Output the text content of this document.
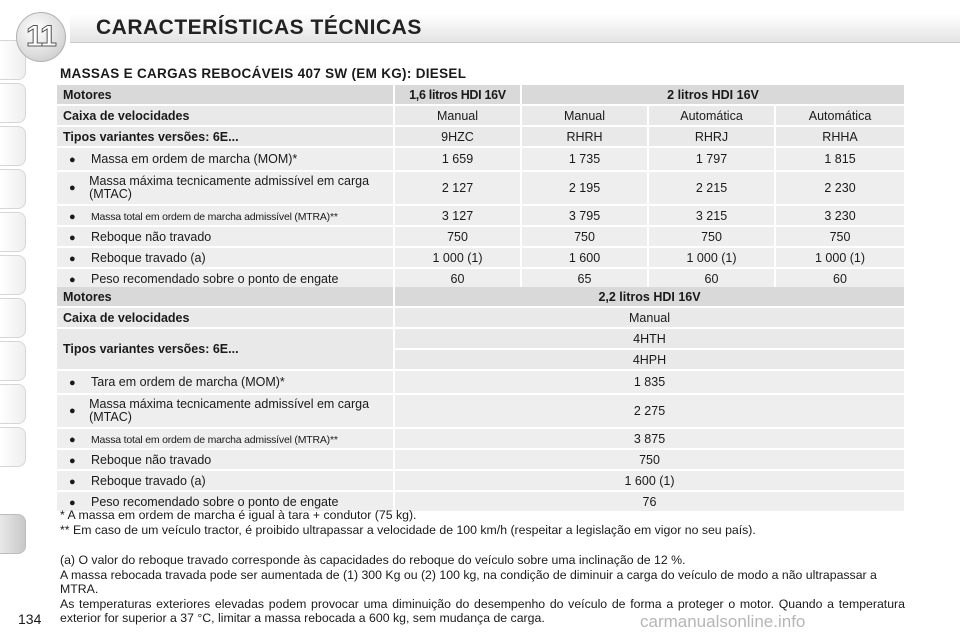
11	CARACTERÍSTICAS TÉCNICAS
MASSAS E CARGAS REBOCÁVEIS 407 SW (EM KG): DIESEL
Motores	1,6 litros HDI 16V	2 litros HDI 16V		
Caixa de velocidades	Manual	Manual	Automática	Automática
Tipos variantes versões: 6E...	9HZC	RHRH	RHRJ	RHHA
● Massa em ordem de marcha (MOM)*	1 659	1 735	1 797	1 815

● Massa máxima tecnicamente admissível em carga (MTAC)	2 127	2 195	2 215	2 230
● Massa total em ordem de marcha admissível (MTRA)**	3 127	3 795	3 215	3 230
● Reboque não travado	750	750	750	750
● Reboque travado (a)	1 000 (1)	1 600	1 000 (1)	1 000 (1)
● Peso recomendado sobre o ponto de engate	60	65	60	60
Motores	2,2 litros HDI 16V
Caixa de velocidades	Manual
Tipos variantes versões: 6E...	4HTH
	4HPH
● Tara em ordem de marcha (MOM)*	1 835

● Massa máxima tecnicamente admissível em carga (MTAC)	2 275
● Massa total em ordem de marcha admissível (MTRA)**	3 875
● Reboque não travado	750
● Reboque travado (a)	1 600 (1)
● Peso recomendado sobre o ponto de engate	76
* A massa em ordem de marcha é igual à tara + condutor (75 kg).
** Em caso de um veículo tractor, é proibido ultrapassar a velocidade de 100 km/h (respeitar a legislação em vigor no seu país).
(a) O valor do reboque travado corresponde às capacidades do reboque do veículo sobre uma inclinação de 12 %.
A massa rebocada travada pode ser aumentada de (1) 300 Kg ou (2) 100 kg, na condição de diminuir a carga do veículo de modo a não ultrapassar a MTRA.
As temperaturas exteriores elevadas podem provocar uma diminuição do desempenho do veículo de forma a proteger o motor. Quando a temperatura exterior for superior a 37 °C, limitar a massa rebocada a 600 kg, sem mudança de carga.
134	carmanualsonline.info
